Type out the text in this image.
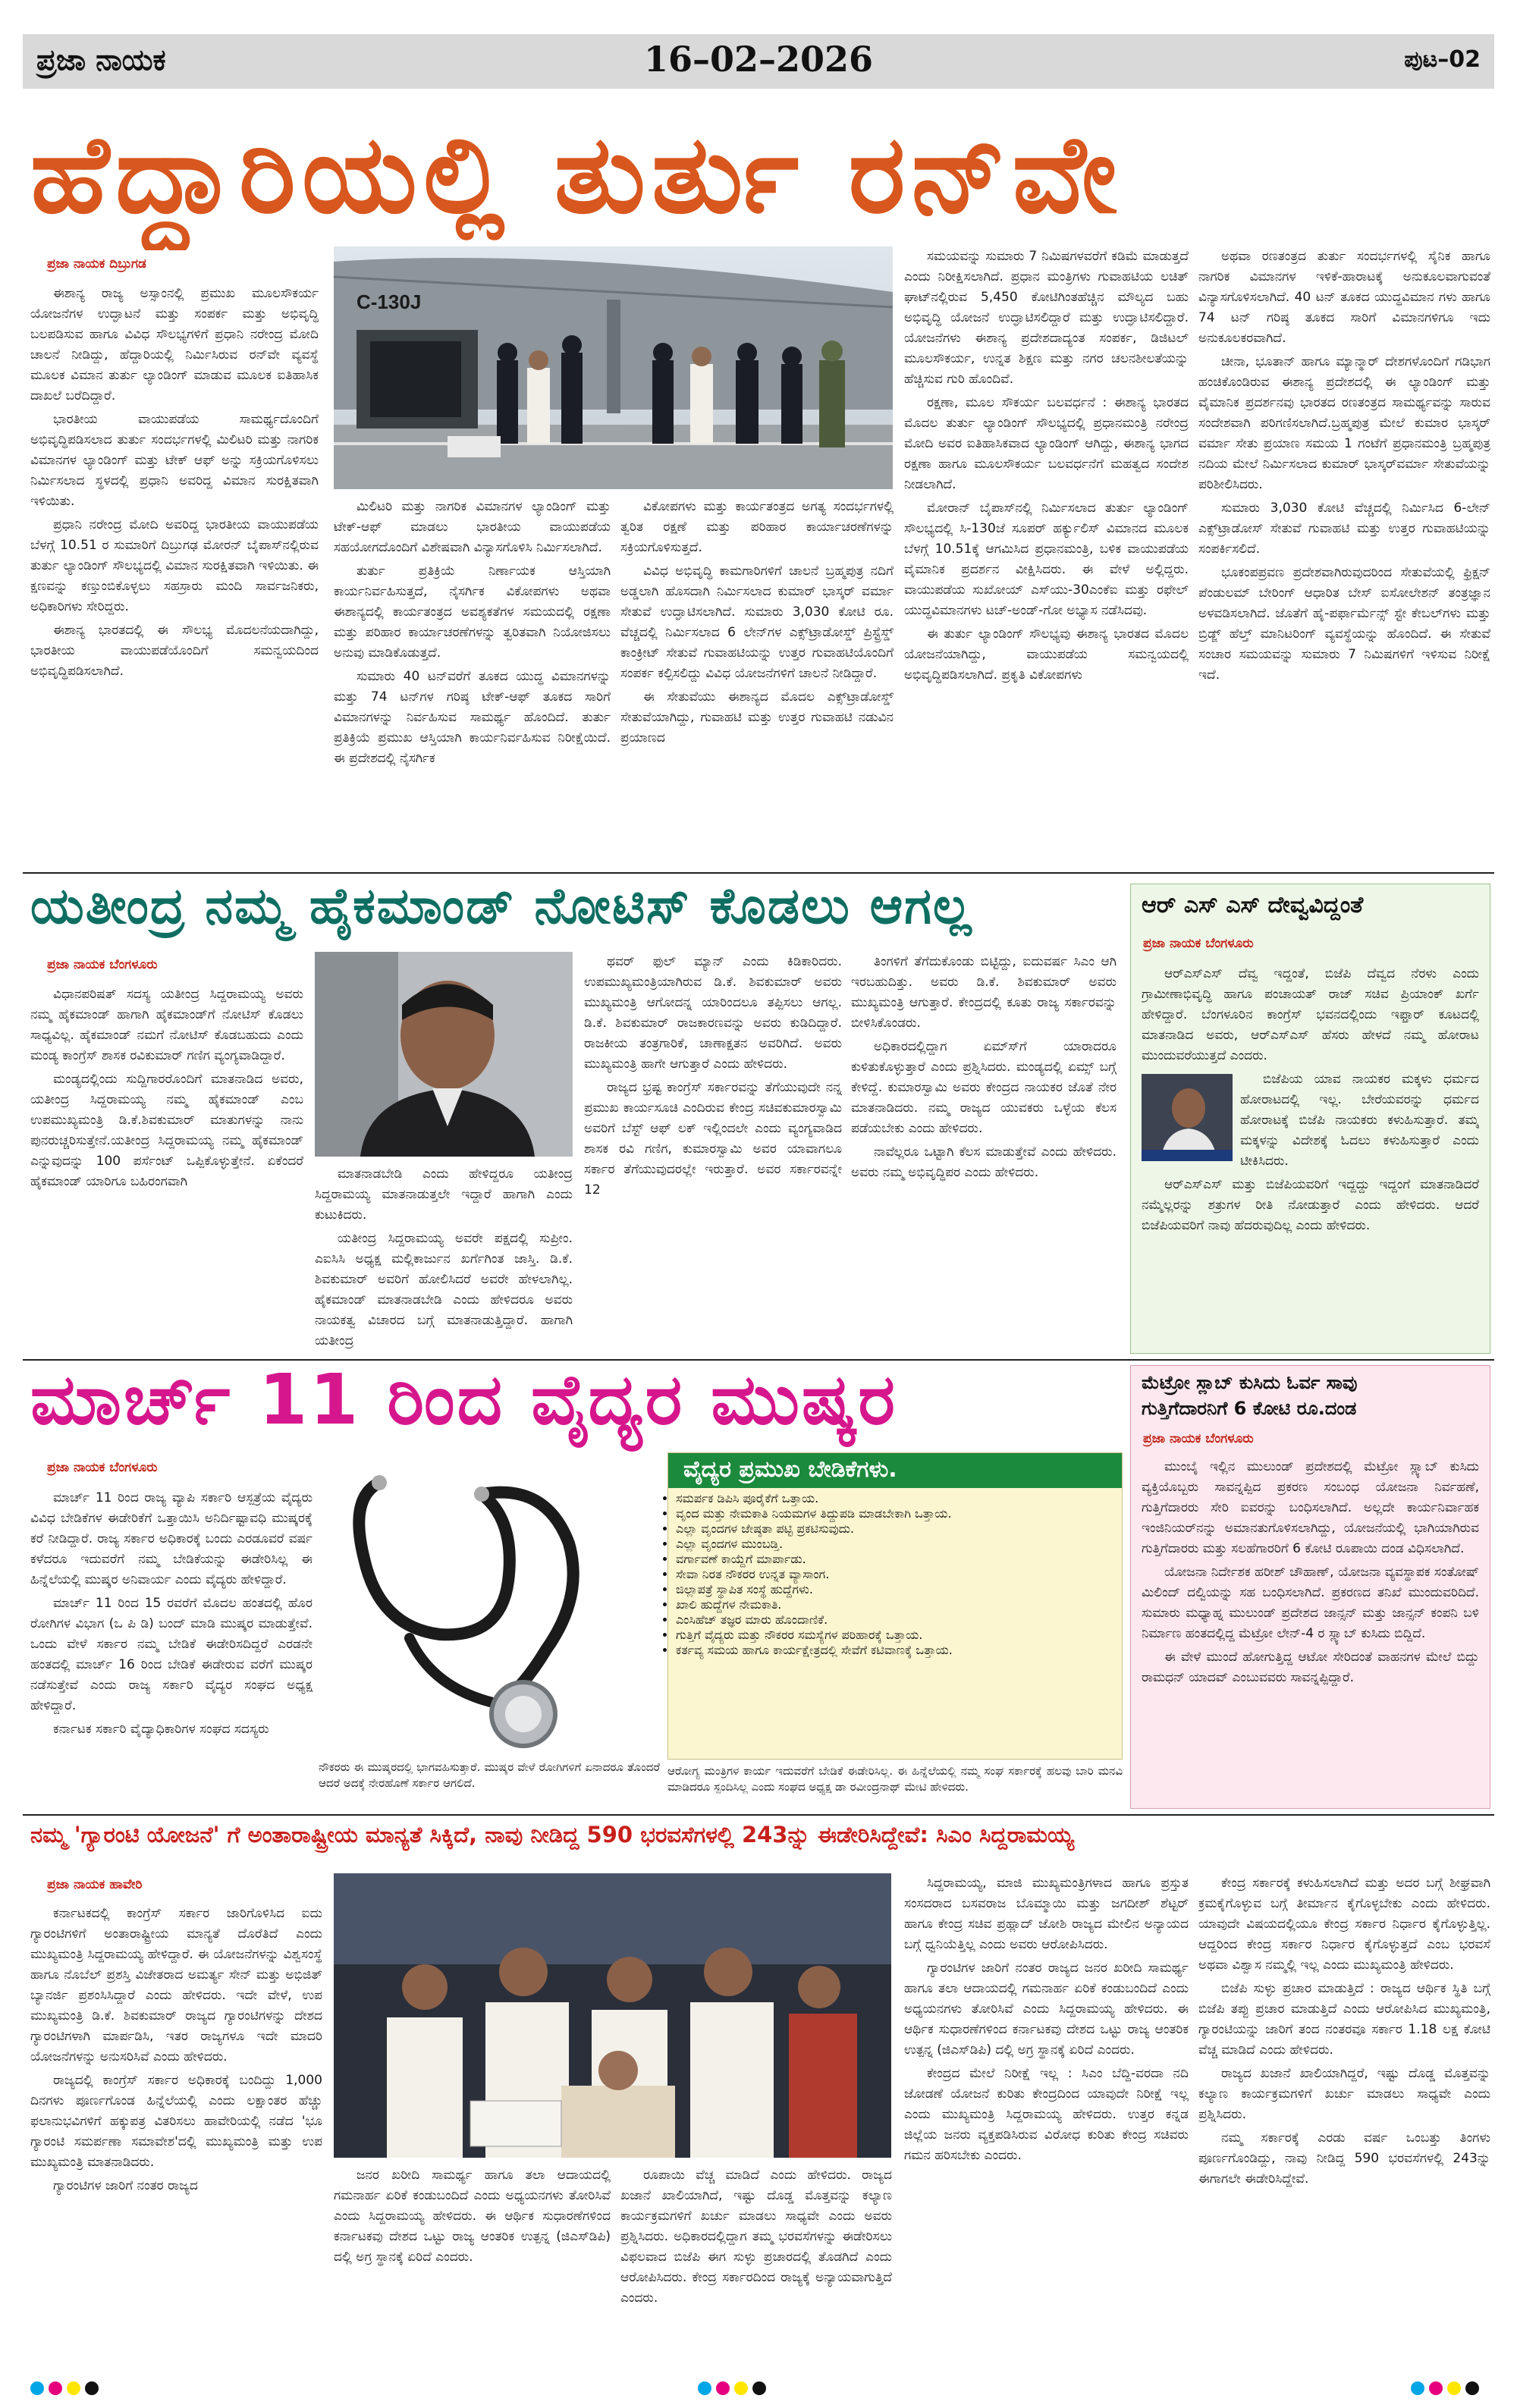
ಪ್ರಜಾ ನಾಯಕ	16–02–2026	ಪುಟ–02
ಹೆದ್ದಾರಿಯಲ್ಲಿ ತುರ್ತು ರನ್‌ವೇ
ಪ್ರಜಾ ನಾಯಕ ದಿಬ್ರುಗಡ

ಈಶಾನ್ಯ ರಾಜ್ಯ ಅಸ್ಸಾಂನಲ್ಲಿ ಪ್ರಮುಖ ಮೂಲಸೌಕರ್ಯ ಯೋಜನೆಗಳ ಉದ್ಘಾಟನೆ ಮತ್ತು ಸಂಪರ್ಕ ಮತ್ತು ಅಭಿವೃದ್ಧಿ ಬಲಪಡಿಸುವ ಹಾಗೂ ವಿವಿಧ ಸೌಲಭ್ಯಗಳಿಗೆ ಪ್ರಧಾನಿ ನರೇಂದ್ರ ಮೋದಿ ಚಾಲನೆ ನೀಡಿದ್ದು, ಹೆದ್ದಾರಿಯಲ್ಲಿ ನಿರ್ಮಿಸಿರುವ ರನ್‌ವೇ ವ್ಯವಸ್ಥೆ ಮೂಲಕ ವಿಮಾನ ತುರ್ತು ಲ್ಯಾಂಡಿಂಗ್ ಮಾಡುವ ಮೂಲಕ ಐತಿಹಾಸಿಕ ದಾಖಲೆ ಬರೆದಿದ್ದಾರೆ.

ಭಾರತೀಯ ವಾಯುಪಡೆಯ ಸಾಮರ್ಥ್ಯದೊಂದಿಗೆ ಅಭಿವೃದ್ಧಿಪಡಿಸಲಾದ ತುರ್ತು ಸಂದರ್ಭಗಳಲ್ಲಿ ಮಿಲಿಟರಿ ಮತ್ತು ನಾಗರಿಕ ವಿಮಾನಗಳ ಲ್ಯಾಂಡಿಂಗ್ ಮತ್ತು ಟೇಕ್ ಆಫ್ ಅನ್ನು ಸಕ್ರಿಯಗೊಳಿಸಲು ನಿರ್ಮಿಸಲಾದ ಸ್ಥಳದಲ್ಲಿ ಪ್ರಧಾನಿ ಅವರಿದ್ದ ವಿಮಾನ ಸುರಕ್ಷಿತವಾಗಿ ಇಳಿಯಿತು.

ಪ್ರಧಾನಿ ನರೇಂದ್ರ ಮೋದಿ ಅವರಿದ್ದ ಭಾರತೀಯ ವಾಯುಪಡೆಯ ಬೆಳಗ್ಗೆ 10.51 ರ ಸುಮಾರಿಗೆ ದಿಬ್ರುಗಢ ಮೋರನ್ ಬೈಪಾಸ್‌ನಲ್ಲಿರುವ ತುರ್ತು ಲ್ಯಾಂಡಿಂಗ್ ಸೌಲಭ್ಯದಲ್ಲಿ ವಿಮಾನ ಸುರಕ್ಷಿತವಾಗಿ ಇಳಿಯಿತು. ಈ ಕ್ಷಣವನ್ನು ಕಣ್ತುಂಬಿಕೊಳ್ಳಲು ಸಹಸ್ರಾರು ಮಂದಿ ಸಾರ್ವಜನಿಕರು, ಅಧಿಕಾರಿಗಳು ಸೇರಿದ್ದರು.

ಈಶಾನ್ಯ ಭಾರತದಲ್ಲಿ ಈ ಸೌಲಭ್ಯ ಮೊದಲನೆಯದಾಗಿದ್ದು, ಭಾರತೀಯ ವಾಯುಪಡೆಯೊಂದಿಗೆ ಸಮನ್ವಯದಿಂದ ಅಭಿವೃದ್ಧಿಪಡಿಸಲಾಗಿದೆ.

C-130J

ಮಿಲಿಟರಿ ಮತ್ತು ನಾಗರಿಕ ವಿಮಾನಗಳ ಲ್ಯಾಂಡಿಂಗ್ ಮತ್ತು ಟೇಕ್-ಆಫ್ ಮಾಡಲು ಭಾರತೀಯ ವಾಯುಪಡೆಯ ಸಹಯೋಗದೊಂದಿಗೆ ವಿಶೇಷವಾಗಿ ವಿನ್ಯಾಸಗೊಳಿಸಿ ನಿರ್ಮಿಸಲಾಗಿದೆ.

ತುರ್ತು ಪ್ರತಿಕ್ರಿಯೆ ನಿರ್ಣಾಯಕ ಆಸ್ತಿಯಾಗಿ ಕಾರ್ಯನಿರ್ವಹಿಸುತ್ತದೆ, ನೈಸರ್ಗಿಕ ವಿಕೋಪಗಳು ಅಥವಾ ಈಶಾನ್ಯದಲ್ಲಿ ಕಾರ್ಯತಂತ್ರದ ಅವಶ್ಯಕತೆಗಳ ಸಮಯದಲ್ಲಿ ರಕ್ಷಣಾ ಮತ್ತು ಪರಿಹಾರ ಕಾರ್ಯಾಚರಣೆಗಳನ್ನು ತ್ವರಿತವಾಗಿ ನಿಯೋಜಿಸಲು ಅನುವು ಮಾಡಿಕೊಡುತ್ತದೆ.

ಸುಮಾರು 40 ಟನ್‌ವರೆಗೆ ತೂಕದ ಯುದ್ಧ ವಿಮಾನಗಳನ್ನು ಮತ್ತು 74 ಟನ್‌ಗಳ ಗರಿಷ್ಠ ಟೇಕ್-ಆಫ್ ತೂಕದ ಸಾರಿಗೆ ವಿಮಾನಗಳನ್ನು ನಿರ್ವಹಿಸುವ ಸಾಮರ್ಥ್ಯ ಹೊಂದಿದೆ. ತುರ್ತು ಪ್ರತಿಕ್ರಿಯೆ ಪ್ರಮುಖ ಆಸ್ತಿಯಾಗಿ ಕಾರ್ಯನಿರ್ವಹಿಸುವ ನಿರೀಕ್ಷೆಯಿದೆ. ಈ ಪ್ರದೇಶದಲ್ಲಿ ನೈಸರ್ಗಿಕ

ವಿಕೋಪಗಳು ಮತ್ತು ಕಾರ್ಯತಂತ್ರದ ಅಗತ್ಯ ಸಂದರ್ಭಗಳಲ್ಲಿ ತ್ವರಿತ ರಕ್ಷಣೆ ಮತ್ತು ಪರಿಹಾರ ಕಾರ್ಯಾಚರಣೆಗಳನ್ನು ಸಕ್ರಿಯಗೊಳಿಸುತ್ತದೆ.

ವಿವಿಧ ಅಭಿವೃದ್ಧಿ ಕಾಮಗಾರಿಗಳಿಗೆ ಚಾಲನೆ ಬ್ರಹ್ಮಪುತ್ರ ನದಿಗೆ ಅಡ್ಡಲಾಗಿ ಹೊಸದಾಗಿ ನಿರ್ಮಿಸಲಾದ ಕುಮಾರ್ ಭಾಸ್ಕರ್ ವರ್ಮಾ ಸೇತುವೆ ಉದ್ಘಾಟಿಸಲಾಗಿದೆ. ಸುಮಾರು 3,030 ಕೋಟಿ ರೂ. ವೆಚ್ಚದಲ್ಲಿ ನಿರ್ಮಿಸಲಾದ 6 ಲೇನ್‌ಗಳ ಎಕ್ಸ್‌ಟ್ರಾಡೋಸ್ಡ್ ಪ್ರಿಸ್ಟ್ರೆಸ್ಡ್ ಕಾಂಕ್ರೀಟ್ ಸೇತುವೆ ಗುವಾಹಟಿಯನ್ನು ಉತ್ತರ ಗುವಾಹಟಿಯೊಂದಿಗೆ ಸಂಪರ್ಕ ಕಲ್ಪಿಸಲಿದ್ದು ವಿವಿಧ ಯೋಜನೆಗಳಿಗೆ ಚಾಲನೆ ನೀಡಿದ್ದಾರೆ.

ಈ ಸೇತುವೆಯು ಈಶಾನ್ಯದ ಮೊದಲ ಎಕ್ಸ್‌ಟ್ರಾಡೋಸ್ಡ್ ಸೇತುವೆಯಾಗಿದ್ದು, ಗುವಾಹಟಿ ಮತ್ತು ಉತ್ತರ ಗುವಾಹಟಿ ನಡುವಿನ ಪ್ರಯಾಣದ

ಸಮಯವನ್ನು ಸುಮಾರು 7 ನಿಮಿಷಗಳವರೆಗೆ ಕಡಿಮೆ ಮಾಡುತ್ತದೆ ಎಂದು ನಿರೀಕ್ಷಿಸಲಾಗಿದೆ. ಪ್ರಧಾನ ಮಂತ್ರಿಗಳು ಗುವಾಹಟಿಯ ಲಚಿತ್ ಘಾಟ್‌ನಲ್ಲಿರುವ 5,450 ಕೋಟಿಗಿಂತಹೆಚ್ಚಿನ ಮೌಲ್ಯದ ಬಹು ಅಭಿವೃದ್ಧಿ ಯೋಜನೆ ಉದ್ಘಾಟಿಸಲಿದ್ದಾರೆ ಮತ್ತು ಉದ್ಘಾಟಿಸಲಿದ್ದಾರೆ. ಯೋಜನೆಗಳು ಈಶಾನ್ಯ ಪ್ರದೇಶದಾದ್ಯಂತ ಸಂಪರ್ಕ, ಡಿಜಿಟಲ್ ಮೂಲಸೌಕರ್ಯ, ಉನ್ನತ ಶಿಕ್ಷಣ ಮತ್ತು ನಗರ ಚಲನಶೀಲತೆಯನ್ನು ಹೆಚ್ಚಿಸುವ ಗುರಿ ಹೊಂದಿವೆ.

ರಕ್ಷಣಾ, ಮೂಲ ಸೌಕರ್ಯ ಬಲವರ್ಧನೆ : ಈಶಾನ್ಯ ಭಾರತದ ಮೊದಲ ತುರ್ತು ಲ್ಯಾಂಡಿಂಗ್ ಸೌಲಭ್ಯದಲ್ಲಿ ಪ್ರಧಾನಮಂತ್ರಿ ನರೇಂದ್ರ ಮೋದಿ ಅವರ ಐತಿಹಾಸಿಕವಾದ ಲ್ಯಾಂಡಿಂಗ್ ಆಗಿದ್ದು, ಈಶಾನ್ಯ ಭಾಗದ ರಕ್ಷಣಾ ಹಾಗೂ ಮೂಲಸೌಕರ್ಯ ಬಲವರ್ಧನೆಗೆ ಮಹತ್ವದ ಸಂದೇಶ ನೀಡಲಾಗಿದೆ.

ಮೋರಾನ್ ಬೈಪಾಸ್‌ನಲ್ಲಿ ನಿರ್ಮಿಸಲಾದ ತುರ್ತು ಲ್ಯಾಂಡಿಂಗ್ ಸೌಲಭ್ಯದಲ್ಲಿ ಸಿ-130ಜೆ ಸೂಪರ್ ಹರ್ಕ್ಯುಲಿಸ್ ವಿಮಾನದ ಮೂಲಕ ಬೆಳಗ್ಗೆ 10.51ಕ್ಕೆ ಆಗಮಿಸಿದ ಪ್ರಧಾನಮಂತ್ರಿ, ಬಳಿಕ ವಾಯುಪಡೆಯ ವೈಮಾನಿಕ ಪ್ರದರ್ಶನ ವೀಕ್ಷಿಸಿದರು. ಈ ವೇಳೆ ಅಲ್ಲಿದ್ದರು. ವಾಯುಪಡೆಯ ಸುಖೋಯ್ ಎಸ್‌ಯು-30ಎಂಕೆಐ ಮತ್ತು ರಫೇಲ್ ಯುದ್ಧವಿಮಾನಗಳು ಟಚ್-ಅಂಡ್-ಗೋ ಅಭ್ಯಾಸ ನಡೆಸಿದವು.

ಈ ತುರ್ತು ಲ್ಯಾಂಡಿಂಗ್ ಸೌಲಭ್ಯವು ಈಶಾನ್ಯ ಭಾರತದ ಮೊದಲ ಯೋಜನೆಯಾಗಿದ್ದು, ವಾಯುಪಡೆಯ ಸಮನ್ವಯದಲ್ಲಿ ಅಭಿವೃದ್ಧಿಪಡಿಸಲಾಗಿದೆ. ಪ್ರಕೃತಿ ವಿಕೋಪಗಳು

ಅಥವಾ ರಣತಂತ್ರದ ತುರ್ತು ಸಂದರ್ಭಗಳಲ್ಲಿ ಸೈನಿಕ ಹಾಗೂ ನಾಗರಿಕ ವಿಮಾನಗಳ ಇಳಿಕೆ-ಹಾರಾಟಕ್ಕೆ ಅನುಕೂಲವಾಗುವಂತೆ ವಿನ್ಯಾಸಗೊಳಿಸಲಾಗಿದೆ. 40 ಟನ್ ತೂಕದ ಯುದ್ಧವಿಮಾನ ಗಳು ಹಾಗೂ 74 ಟನ್ ಗರಿಷ್ಠ ತೂಕದ ಸಾರಿಗೆ ವಿಮಾನಗಳಿಗೂ ಇದು ಅನುಕೂಲಕರವಾಗಿದೆ.

ಚೀನಾ, ಭೂತಾನ್ ಹಾಗೂ ಮ್ಯಾನ್ಮಾರ್ ದೇಶಗಳೊಂದಿಗೆ ಗಡಿಭಾಗ ಹಂಚಿಕೊಂಡಿರುವ ಈಶಾನ್ಯ ಪ್ರದೇಶದಲ್ಲಿ ಈ ಲ್ಯಾಂಡಿಂಗ್ ಮತ್ತು ವೈಮಾನಿಕ ಪ್ರದರ್ಶನವು ಭಾರತದ ರಣತಂತ್ರದ ಸಾಮರ್ಥ್ಯವನ್ನು ಸಾರುವ ಸಂದೇಶವಾಗಿ ಪರಿಗಣಿಸಲಾಗಿದೆ.ಬ್ರಹ್ಮಪುತ್ರ ಮೇಲೆ ಕುಮಾರ ಭಾಸ್ಕರ್ ವರ್ಮಾ ಸೇತು ಪ್ರಯಾಣ ಸಮಯ 1 ಗಂಟೆಗೆ ಪ್ರಧಾನಮಂತ್ರಿ ಬ್ರಹ್ಮಪುತ್ರ ನದಿಯ ಮೇಲೆ ನಿರ್ಮಿಸಲಾದ ಕುಮಾರ್ ಭಾಸ್ಕರ್‌ವರ್ಮಾ ಸೇತುವೆಯನ್ನು ಪರಿಶೀಲಿಸಿದರು.

ಸುಮಾರು 3,030 ಕೋಟಿ ವೆಚ್ಚದಲ್ಲಿ ನಿರ್ಮಿಸಿದ 6-ಲೇನ್ ಎಕ್ಸ್‌ಟ್ರಾಡೋಸ್ ಸೇತುವೆ ಗುವಾಹಟಿ ಮತ್ತು ಉತ್ತರ ಗುವಾಹಟಿಯನ್ನು ಸಂಪರ್ಕಿಸಲಿದೆ.

ಭೂಕಂಪಪ್ರವಣ ಪ್ರದೇಶವಾಗಿರುವುದರಿಂದ ಸೇತುವೆಯಲ್ಲಿ ಫ್ರಿಕ್ಷನ್ ಪೆಂಡುಲಮ್ ಬೇರಿಂಗ್ ಆಧಾರಿತ ಬೇಸ್ ಐಸೋಲೇಶನ್ ತಂತ್ರಜ್ಞಾನ ಅಳವಡಿಸಲಾಗಿದೆ. ಜೊತೆಗೆ ಹೈ-ಪರ್ಫಾರ್ಮೆನ್ಸ್ ಸ್ಟೇ ಕೇಬಲ್‌ಗಳು ಮತ್ತು ಬ್ರಿಡ್ಜ್ ಹೆಲ್ತ್ ಮಾನಿಟರಿಂಗ್ ವ್ಯವಸ್ಥೆಯನ್ನು ಹೊಂದಿದೆ. ಈ ಸೇತುವೆ ಸಂಚಾರ ಸಮಯವನ್ನು ಸುಮಾರು 7 ನಿಮಿಷಗಳಿಗೆ ಇಳಿಸುವ ನಿರೀಕ್ಷೆ ಇದೆ.

ಯತೀಂದ್ರ ನಮ್ಮ ಹೈಕಮಾಂಡ್ ನೋಟಿಸ್ ಕೊಡಲು ಆಗಲ್ಲ
ಪ್ರಜಾ ನಾಯಕ ಬೆಂಗಳೂರು

ವಿಧಾನಪರಿಷತ್ ಸದಸ್ಯ ಯತೀಂದ್ರ ಸಿದ್ದರಾಮಯ್ಯ ಅವರು ನಮ್ಮ ಹೈಕಮಾಂಡ್ ಹಾಗಾಗಿ ಹೈಕಮಾಂಡ್‌ಗೆ ನೋಟಿಸ್ ಕೊಡಲು ಸಾಧ್ಯವಿಲ್ಲ. ಹೈಕಮಾಂಡ್ ನಮಗೆ ನೋಟಿಸ್ ಕೊಡಬಹುದು ಎಂದು ಮಂಡ್ಯ ಕಾಂಗ್ರೆಸ್ ಶಾಸಕ ರವಿಕುಮಾರ್ ಗಣಿಗ ವ್ಯಂಗ್ಯವಾಡಿದ್ದಾರೆ.

ಮಂಡ್ಯದಲ್ಲಿಂದು ಸುದ್ದಿಗಾರರೊಂದಿಗೆ ಮಾತನಾಡಿದ ಅವರು, ಯತೀಂದ್ರ ಸಿದ್ದರಾಮಯ್ಯ ನಮ್ಮ ಹೈಕಮಾಂಡ್ ಎಂಬ ಉಪಮುಖ್ಯಮಂತ್ರಿ ಡಿ.ಕೆ.ಶಿವಕುಮಾರ್ ಮಾತುಗಳನ್ನು ನಾನು ಪುನರುಚ್ಚರಿಸುತ್ತೇನೆ.ಯತೀಂದ್ರ ಸಿದ್ದರಾಮಯ್ಯ ನಮ್ಮ ಹೈಕಮಾಂಡ್ ಎನ್ನುವುದನ್ನು 100 ಪರ್ಸೆಂಟ್ ಒಪ್ಪಿಕೊಳ್ಳುತ್ತೇನೆ. ಏಕೆಂದರೆ ಹೈಕಮಾಂಡ್ ಯಾರಿಗೂ ಬಹಿರಂಗವಾಗಿ	ಮಾತನಾಡಬೇಡಿ ಎಂದು ಹೇಳಿದ್ದರೂ ಯತೀಂದ್ರ ಸಿದ್ದರಾಮಯ್ಯ ಮಾತನಾಡುತ್ತಲೇ ಇದ್ದಾರೆ ಹಾಗಾಗಿ ಎಂದು ಕುಟುಕಿದರು.

ಯತೀಂದ್ರ ಸಿದ್ದರಾಮಯ್ಯ ಅವರೇ ಪಕ್ಷದಲ್ಲಿ ಸುಪ್ರೀಂ. ಎಐಸಿಸಿ ಅಧ್ಯಕ್ಷ ಮಲ್ಲಿಕಾರ್ಜುನ ಖರ್ಗೆಗಿಂತ ಜಾಸ್ತಿ. ಡಿ.ಕೆ. ಶಿವಕುಮಾರ್ ಅವರಿಗೆ ಹೋಲಿಸಿದರೆ ಅವರೇ ಹೇಳಲಾಗಿಲ್ಲ. ಹೈಕಮಾಂಡ್ ಮಾತನಾಡಬೇಡಿ ಎಂದು ಹೇಳಿದರೂ ಅವರು ನಾಯಕತ್ವ ವಿಚಾರದ ಬಗ್ಗೆ ಮಾತನಾಡುತ್ತಿದ್ದಾರೆ. ಹಾಗಾಗಿ ಯತೀಂದ್ರ

ಥವರ್ ಫುಲ್ ಮ್ಯಾನ್ ಎಂದು ಕಿಡಿಕಾರಿದರು. ಉಪಮುಖ್ಯಮಂತ್ರಿಯಾಗಿರುವ ಡಿ.ಕೆ. ಶಿವಕುಮಾರ್ ಅವರು ಮುಖ್ಯಮಂತ್ರಿ ಆಗೋದನ್ನ ಯಾರಿಂದಲೂ ತಪ್ಪಿಸಲು ಆಗಲ್ಲ. ಡಿ.ಕೆ. ಶಿವಕುಮಾರ್ ರಾಜಕಾರಣವನ್ನು ಅವರು ಕುಡಿದಿದ್ದಾರೆ. ರಾಜಕೀಯ ತಂತ್ರಗಾರಿಕೆ, ಚಾಣಾಕ್ಷತನ ಅವರಿಗಿದೆ. ಅವರು ಮುಖ್ಯಮಂತ್ರಿ ಹಾಗೇ ಆಗುತ್ತಾರೆ ಎಂದು ಹೇಳಿದರು.

ರಾಜ್ಯದ ಭ್ರಷ್ಟ ಕಾಂಗ್ರೆಸ್ ಸರ್ಕಾರವನ್ನು ತೆಗೆಯುವುದೇ ನನ್ನ ಪ್ರಮುಖ ಕಾರ್ಯಸೂಚಿ ಎಂದಿರುವ ಕೇಂದ್ರ ಸಚಿವಕುಮಾರಸ್ವಾಮಿ ಅವರಿಗೆ ಬೆಸ್ಟ್ ಆಫ್ ಲಕ್ ಇಲ್ಲಿಂದಲೇ ಎಂದು ವ್ಯಂಗ್ಯವಾಡಿದ ಶಾಸಕ ರವಿ ಗಣಿಗ, ಕುಮಾರಸ್ವಾಮಿ ಅವರ ಯಾವಾಗಲೂ ಸರ್ಕಾರ ತೆಗೆಯುವುದರಲ್ಲೇ ಇರುತ್ತಾರೆ. ಅವರ ಸರ್ಕಾರವನ್ನೇ 12

ತಿಂಗಳಿಗೆ ತೆಗೆದುಕೊಂಡು ಬಿಟ್ಟಿದ್ದು, ಐದುವರ್ಷ ಸಿಎಂ ಆಗಿ ಇರಬಹುದಿತ್ತು. ಅವರು ಡಿ.ಕೆ. ಶಿವಕುಮಾರ್ ಅವರು ಮುಖ್ಯಮಂತ್ರಿ ಆಗುತ್ತಾರೆ. ಕೇಂದ್ರದಲ್ಲಿ ಕೂತು ರಾಜ್ಯ ಸರ್ಕಾರವನ್ನು ಬೀಳಿಸಿಕೊಂಡರು.

ಅಧಿಕಾರದಲ್ಲಿದ್ದಾಗ ಏಮ್‌ಸ್‌ಗೆ ಯಾರಾದರೂ ಕುಳಿತುಕೊಳ್ಳುತ್ತಾರೆ ಎಂದು ಪ್ರಶ್ನಿಸಿದರು. ಮಂಡ್ಯದಲ್ಲಿ ಏಮ್ಸ್ ಬಗ್ಗೆ ಕೇಳಿದ್ದೆ. ಕುಮಾರಸ್ವಾಮಿ ಅವರು ಕೇಂದ್ರದ ನಾಯಕರ ಜೊತೆ ನೇರ ಮಾತನಾಡಿದರು. ನಮ್ಮ ರಾಜ್ಯದ ಯುವಕರು ಒಳ್ಳೆಯ ಕೆಲಸ ಪಡೆಯಬೇಕು ಎಂದು ಹೇಳಿದರು.

ನಾವೆಲ್ಲರೂ ಒಟ್ಟಾಗಿ ಕೆಲಸ ಮಾಡುತ್ತೇವೆ ಎಂದು ಹೇಳಿದರು. ಅವರು ನಮ್ಮ ಅಭಿವೃದ್ಧಿಪರ ಎಂದು ಹೇಳಿದರು.

ಆರ್ ಎಸ್ ಎಸ್ ದೇವ್ವವಿದ್ದಂತೆ
ಪ್ರಜಾ ನಾಯಕ ಬೆಂಗಳೂರು

ಆರ್‌ಎಸ್‌ಎಸ್ ದೆವ್ವ ಇದ್ದಂತೆ, ಬಿಜೆಪಿ ದೆವ್ವದ ನೆರಳು ಎಂದು ಗ್ರಾಮೀಣಾಭಿವೃದ್ಧಿ ಹಾಗೂ ಪಂಚಾಯತ್ ರಾಜ್ ಸಚಿವ ಪ್ರಿಯಾಂಕ್ ಖರ್ಗೆ ಹೇಳಿದ್ದಾರೆ. ಬೆಂಗಳೂರಿನ ಕಾಂಗ್ರೆಸ್ ಭವನದಲ್ಲಿಂದು ಇಫ್ತಾರ್ ಕೂಟದಲ್ಲಿ ಮಾತನಾಡಿದ ಅವರು, ಆರ್‌ಎಸ್‌ಎಸ್ ಹೆಸರು ಹೇಳದೆ ನಮ್ಮ ಹೋರಾಟ ಮುಂದುವರೆಯುತ್ತದೆ ಎಂದರು.

ಬಿಜೆಪಿಯ ಯಾವ ನಾಯಕರ ಮಕ್ಕಳು ಧರ್ಮದ ಹೋರಾಟದಲ್ಲಿ ಇಲ್ಲ. ಬೇರೆಯವರನ್ನು ಧರ್ಮದ ಹೋರಾಟಕ್ಕೆ ಬಿಜೆಪಿ ನಾಯಕರು ಕಳುಹಿಸುತ್ತಾರೆ. ತಮ್ಮ ಮಕ್ಕಳನ್ನು ವಿದೇಶಕ್ಕೆ ಓದಲು ಕಳುಹಿಸುತ್ತಾರೆ ಎಂದು ಟೀಕಿಸಿದರು.

ಆರ್‌ಎಸ್‌ಎಸ್ ಮತ್ತು ಬಿಜೆಪಿಯವರಿಗೆ ಇದ್ದದ್ದು ಇದ್ದಂಗೆ ಮಾತನಾಡಿದರೆ ನಮ್ಮೆಲ್ಲರನ್ನು ಶತ್ರುಗಳ ರೀತಿ ನೋಡುತ್ತಾರೆ ಎಂದು ಹೇಳಿದರು. ಆದರೆ ಬಿಜೆಪಿಯವರಿಗೆ ನಾವು ಹೆದರುವುದಿಲ್ಲ ಎಂದು ಹೇಳಿದರು.

ಮಾರ್ಚ್ 11 ರಿಂದ ವೈದ್ಯರ ಮುಷ್ಕರ
ಪ್ರಜಾ ನಾಯಕ ಬೆಂಗಳೂರು

ಮಾರ್ಚ್ 11 ರಿಂದ ರಾಜ್ಯ ವ್ಯಾಪಿ ಸರ್ಕಾರಿ ಆಸ್ಪತ್ರೆಯ ವೈದ್ಯರು ವಿವಿಧ ಬೇಡಿಕೆಗಳ ಈಡೇರಿಕೆಗೆ ಒತ್ತಾಯಿಸಿ ಅನಿರ್ದಿಷ್ಟಾವಧಿ ಮುಷ್ಕರಕ್ಕೆ ಕರೆ ನೀಡಿದ್ದಾರೆ. ರಾಜ್ಯ ಸರ್ಕಾರ ಅಧಿಕಾರಕ್ಕೆ ಬಂದು ಎರಡೂವರೆ ವರ್ಷ ಕಳೆದರೂ ಇದುವರೆಗೆ ನಮ್ಮ ಬೇಡಿಕೆಯನ್ನು ಈಡೇರಿಸಿಲ್ಲ ಈ ಹಿನ್ನೆಲೆಯಲ್ಲಿ ಮುಷ್ಕರ ಅನಿವಾರ್ಯ ಎಂದು ವೈದ್ಯರು ಹೇಳಿದ್ದಾರೆ.

ಮಾರ್ಚ್ 11 ರಿಂದ 15 ರವರೆಗೆ ಮೊದಲ ಹಂತದಲ್ಲಿ ಹೊರ ರೋಗಿಗಳ ವಿಭಾಗ (ಒ ಪಿ ಡಿ) ಬಂದ್ ಮಾಡಿ ಮುಷ್ಕರ ಮಾಡುತ್ತೇವೆ. ಒಂದು ವೇಳೆ ಸರ್ಕಾರ ನಮ್ಮ ಬೇಡಿಕೆ ಈಡೇರಿಸದಿದ್ದರೆ ಎರಡನೇ ಹಂತದಲ್ಲಿ ಮಾರ್ಚ್ 16 ರಿಂದ ಬೇಡಿಕೆ ಈಡೇರುವ ವರೆಗೆ ಮುಷ್ಕರ ನಡೆಸುತ್ತೇವೆ ಎಂದು ರಾಜ್ಯ ಸರ್ಕಾರಿ ವೈದ್ಯರ ಸಂಘದ ಅಧ್ಯಕ್ಷ ಹೇಳಿದ್ದಾರೆ.

ಕರ್ನಾಟಕ ಸರ್ಕಾರಿ ವೈದ್ಯಾಧಿಕಾರಿಗಳ ಸಂಘದ ಸದಸ್ಯರು

ನೌಕರರು ಈ ಮುಷ್ಕರದಲ್ಲಿ ಭಾಗವಹಿಸುತ್ತಾರೆ. ಮುಷ್ಕರ ವೇಳೆ ರೋಗಿಗಳಿಗೆ ಏನಾದರೂ ತೊಂದರೆ ಆದರೆ ಅದಕ್ಕೆ ನೇರಹೊಣೆ ಸರ್ಕಾರ ಆಗಲಿದೆ.

ವೈದ್ಯರ ಪ್ರಮುಖ ಬೇಡಿಕೆಗಳು.
• ಸಮರ್ಪಕ ಡಿಪಿಸಿ ಪೂರೈಕೆಗೆ ಒತ್ತಾಯ.
• ವೃಂದ ಮತ್ತು ನೇಮಕಾತಿ ನಿಯಮಗಳ ತಿದ್ದುಪಡಿ ಮಾಡಬೇಕಾಗಿ ಒತ್ತಾಯ.
• ಎಲ್ಲಾ ವೃಂದಗಳ ಜೇಷ್ಠತಾ ಪಟ್ಟಿ ಪ್ರಕಟಿಸುವುದು.
• ಎಲ್ಲಾ ವೃಂದಗಳ ಮುಂಬಡ್ತಿ.
• ವರ್ಗಾವಣೆ ಕಾಯ್ದೆಗೆ ಮಾರ್ಪಾಡು.
• ಸೇವಾ ನಿರತ ನೌಕರರ ಉನ್ನತ ವ್ಯಾಸಾಂಗ.
• ಜಿಲ್ಲಾಪತ್ರೆ ಸ್ಥಾಪಿತ ಸಂಸ್ಥೆ ಹುದ್ದೆಗಳು.
• ಖಾಲಿ ಹುದ್ದೆಗಳ ನೇಮಕಾತಿ.
• ಎಂಸಿಹೆಚ್ ತಜ್ಞರ ಮಾರು ಹೊಂದಾಣಿಕೆ.
• ಗುತ್ತಿಗೆ ವೈದ್ಯರು ಮತ್ತು ನೌಕರರ ಸಮಸ್ಯೆಗಳ ಪರಿಹಾರಕ್ಕೆ ಒತ್ತಾಯ.
• ಕರ್ತವ್ಯ ಸಮಯ ಹಾಗೂ ಕಾರ್ಯಕ್ಷೇತ್ರದಲ್ಲಿ ಸೇವೆಗೆ ಕಟಿವಾಣಕ್ಕೆ ಒತ್ತಾಯ.

ಆರೋಗ್ಯ ಮಂತ್ರಿಗಳ ಕಾರ್ಯ ಇದುವರೆಗೆ ಬೇಡಿಕೆ ಈಡೇರಿಸಿಲ್ಲ. ಈ ಹಿನ್ನೆಲೆಯಲ್ಲಿ ನಮ್ಮ ಸಂಘ ಸರ್ಕಾರಕ್ಕೆ ಹಲವು ಬಾರಿ ಮನವಿ ಮಾಡಿದರೂ ಸ್ಪಂದಿಸಿಲ್ಲ ಎಂದು ಸಂಘದ ಅಧ್ಯಕ್ಷ ಡಾ ರವೀಂದ್ರನಾಥ್ ಮೇಟಿ ಹೇಳಿದರು.

ಮೆಟ್ರೋ ಸ್ಲಾಬ್ ಕುಸಿದು ಓರ್ವ ಸಾವು
ಗುತ್ತಿಗೆದಾರನಿಗೆ 6 ಕೋಟಿ ರೂ.ದಂಡ
ಪ್ರಜಾ ನಾಯಕ ಬೆಂಗಳೂರು

ಮುಂಬೈ ಇಲ್ಲಿನ ಮುಲುಂಡ್ ಪ್ರದೇಶದಲ್ಲಿ ಮೆಟ್ರೋ ಸ್ಲ್ಯಾಬ್ ಕುಸಿದು ವ್ಯಕ್ತಿಯೊಬ್ಬರು ಸಾವನ್ನಪ್ಪಿದ ಪ್ರಕರಣ ಸಂಬಂಧ ಯೋಜನಾ ನಿರ್ವಹಣೆ, ಗುತ್ತಿಗೆದಾರರು ಸೇರಿ ಐವರನ್ನು ಬಂಧಿಸಲಾಗಿದೆ. ಅಲ್ಲದೇ ಕಾರ್ಯನಿರ್ವಾಹಕ ಇಂಜಿನಿಯರ್‌ನನ್ನು ಅಮಾನತುಗೊಳಿಸಲಾಗಿದ್ದು, ಯೋಜನೆಯಲ್ಲಿ ಭಾಗಿಯಾಗಿರುವ ಗುತ್ತಿಗೆದಾರರು ಮತ್ತು ಸಲಹೆಗಾರರಿಗೆ 6 ಕೋಟಿ ರೂಪಾಯಿ ದಂಡ ವಿಧಿಸಲಾಗಿದೆ.

ಯೋಜನಾ ನಿರ್ದೇಶಕ ಹರೀಶ್ ಚೌಹಾಣ್, ಯೋಜನಾ ವ್ಯವಸ್ಥಾಪಕ ಸಂತೋಷ್ ಮಿಲಿಂದ್ ದಲ್ವಿಯನ್ನು ಸಹ ಬಂಧಿಸಲಾಗಿದೆ. ಪ್ರಕರಣದ ತನಿಖೆ ಮುಂದುವರಿದಿದೆ. ಸುಮಾರು ಮಧ್ಯಾಹ್ನ ಮುಲುಂಡ್ ಪ್ರದೇಶದ ಜಾನ್ಸನ್ ಮತ್ತು ಜಾನ್ಸನ್ ಕಂಪನಿ ಬಳಿ ನಿರ್ಮಾಣ ಹಂತದಲ್ಲಿದ್ದ ಮೆಟ್ರೋ ಲೇನ್-4 ರ ಸ್ಲ್ಯಾಬ್ ಕುಸಿದು ಬಿದ್ದಿದೆ.

ಈ ವೇಳೆ ಮುಂದೆ ಹೋಗುತ್ತಿದ್ದ ಆಟೋ ಸೇರಿದಂತೆ ವಾಹನಗಳ ಮೇಲೆ ಬಿದ್ದು ರಾಮಧನ್ ಯಾದವ್ ಎಂಬುವವರು ಸಾವನ್ನಪ್ಪಿದ್ದಾರೆ.

ನಮ್ಮ 'ಗ್ಯಾರಂಟಿ ಯೋಜನೆ' ಗೆ ಅಂತಾರಾಷ್ಟ್ರೀಯ ಮಾನ್ಯತೆ ಸಿಕ್ಕಿದೆ, ನಾವು ನೀಡಿದ್ದ 590 ಭರವಸೆಗಳಲ್ಲಿ 243ನ್ನು ಈಡೇರಿಸಿದ್ದೇವೆ: ಸಿಎಂ ಸಿದ್ದರಾಮಯ್ಯ
ಪ್ರಜಾ ನಾಯಕ ಹಾವೇರಿ

ಕರ್ನಾಟಕದಲ್ಲಿ ಕಾಂಗ್ರೆಸ್ ಸರ್ಕಾರ ಜಾರಿಗೊಳಿಸಿದ ಐದು ಗ್ಯಾರಂಟಿಗಳಿಗೆ ಅಂತಾರಾಷ್ಟ್ರೀಯ ಮಾನ್ಯತೆ ದೊರೆತಿದೆ ಎಂದು ಮುಖ್ಯಮಂತ್ರಿ ಸಿದ್ದರಾಮಯ್ಯ ಹೇಳಿದ್ದಾರೆ. ಈ ಯೋಜನೆಗಳನ್ನು ವಿಶ್ವಸಂಸ್ಥೆ ಹಾಗೂ ನೊಬೆಲ್ ಪ್ರಶಸ್ತಿ ವಿಜೇತರಾದ ಅಮರ್ತ್ಯ ಸೇನ್ ಮತ್ತು ಅಭಿಜಿತ್ ಬ್ಯಾನರ್ಜಿ ಪ್ರಶಂಸಿಸಿದ್ದಾರೆ ಎಂದು ಹೇಳಿದರು. ಇದೇ ವೇಳೆ, ಉಪ ಮುಖ್ಯಮಂತ್ರಿ ಡಿ.ಕೆ. ಶಿವಕುಮಾರ್ ರಾಜ್ಯದ ಗ್ಯಾರಂಟಿಗಳನ್ನು ದೇಶದ ಗ್ಯಾರಂಟಿಗಳಾಗಿ ಮಾರ್ಪಡಿಸಿ, ಇತರ ರಾಜ್ಯಗಳೂ ಇದೇ ಮಾದರಿ ಯೋಜನೆಗಳನ್ನು ಅನುಸರಿಸಿವೆ ಎಂದು ಹೇಳಿದರು.

ರಾಜ್ಯದಲ್ಲಿ ಕಾಂಗ್ರೆಸ್ ಸರ್ಕಾರ ಅಧಿಕಾರಕ್ಕೆ ಬಂದಿದ್ದು 1,000 ದಿನಗಳು ಪೂರ್ಣಗೊಂಡ ಹಿನ್ನೆಲೆಯಲ್ಲಿ ಎಂದು ಲಕ್ಷಾಂತರ ಹೆಚ್ಚು ಫಲಾನುಭವಿಗಳಿಗೆ ಹಕ್ಕುಪತ್ರ ವಿತರಿಸಲು ಹಾವೇರಿಯಲ್ಲಿ ನಡೆದ 'ಭೂ ಗ್ಯಾರಂಟಿ ಸಮರ್ಪಣಾ ಸಮಾವೇಶ'ದಲ್ಲಿ ಮುಖ್ಯಮಂತ್ರಿ ಮತ್ತು ಉಪ ಮುಖ್ಯಮಂತ್ರಿ ಮಾತನಾಡಿದರು.

ಗ್ಯಾರಂಟಿಗಳ ಜಾರಿಗೆ ನಂತರ ರಾಜ್ಯದ

ಜನರ ಖರೀದಿ ಸಾಮರ್ಥ್ಯ ಹಾಗೂ ತಲಾ ಆದಾಯದಲ್ಲಿ ಗಮನಾರ್ಹ ಏರಿಕೆ ಕಂಡುಬಂದಿದೆ ಎಂದು ಅಧ್ಯಯನಗಳು ತೋರಿಸಿವೆ ಎಂದು ಸಿದ್ದರಾಮಯ್ಯ ಹೇಳಿದರು. ಈ ಆರ್ಥಿಕ ಸುಧಾರಣೆಗಳಿಂದ ಕರ್ನಾಟಕವು ದೇಶದ ಒಟ್ಟು ರಾಜ್ಯ ಆಂತರಿಕ ಉತ್ಪನ್ನ (ಜಿಎಸ್‌ಡಿಪಿ) ದಲ್ಲಿ ಅಗ್ರ ಸ್ಥಾನಕ್ಕೆ ಏರಿದೆ ಎಂದರು.

ರೂಪಾಯಿ ವೆಚ್ಚ ಮಾಡಿದೆ ಎಂದು ಹೇಳಿದರು. ರಾಜ್ಯದ ಖಜಾನೆ ಖಾಲಿಯಾಗಿದೆ, ಇಷ್ಟು ದೊಡ್ಡ ಮೊತ್ತವನ್ನು ಕಲ್ಯಾಣ ಕಾರ್ಯಕ್ರಮಗಳಿಗೆ ಖರ್ಚು ಮಾಡಲು ಸಾಧ್ಯವೇ ಎಂದು ಅವರು ಪ್ರಶ್ನಿಸಿದರು. ಅಧಿಕಾರದಲ್ಲಿದ್ದಾಗ ತಮ್ಮ ಭರವಸೆಗಳನ್ನು ಈಡೇರಿಸಲು ವಿಫಲವಾದ ಬಿಜೆಪಿ ಈಗ ಸುಳ್ಳು ಪ್ರಚಾರದಲ್ಲಿ ತೊಡಗಿದೆ ಎಂದು ಆರೋಪಿಸಿದರು. ಕೇಂದ್ರ ಸರ್ಕಾರದಿಂದ ರಾಜ್ಯಕ್ಕೆ ಅನ್ಯಾಯವಾಗುತ್ತಿದೆ ಎಂದರು.

ಸಿದ್ದರಾಮಯ್ಯ, ಮಾಜಿ ಮುಖ್ಯಮಂತ್ರಿಗಳಾದ ಹಾಗೂ ಪ್ರಸ್ತುತ ಸಂಸದರಾದ ಬಸವರಾಜ ಬೊಮ್ಮಾಯಿ ಮತ್ತು ಜಗದೀಶ್ ಶೆಟ್ಟರ್ ಹಾಗೂ ಕೇಂದ್ರ ಸಚಿವ ಪ್ರಹ್ಲಾದ್ ಜೋಶಿ ರಾಜ್ಯದ ಮೇಲಿನ ಅನ್ಯಾಯದ ಬಗ್ಗೆ ಧ್ವನಿಯೆತ್ತಿಲ್ಲ ಎಂದು ಅವರು ಆರೋಪಿಸಿದರು.

ಗ್ಯಾರಂಟಿಗಳ ಜಾರಿಗೆ ನಂತರ ರಾಜ್ಯದ ಜನರ ಖರೀದಿ ಸಾಮರ್ಥ್ಯ ಹಾಗೂ ತಲಾ ಆದಾಯದಲ್ಲಿ ಗಮನಾರ್ಹ ಏರಿಕೆ ಕಂಡುಬಂದಿದೆ ಎಂದು ಅಧ್ಯಯನಗಳು ತೋರಿಸಿವೆ ಎಂದು ಸಿದ್ದರಾಮಯ್ಯ ಹೇಳಿದರು. ಈ ಆರ್ಥಿಕ ಸುಧಾರಣೆಗಳಿಂದ ಕರ್ನಾಟಕವು ದೇಶದ ಒಟ್ಟು ರಾಜ್ಯ ಆಂತರಿಕ ಉತ್ಪನ್ನ (ಜಿಎಸ್‌ಡಿಪಿ) ದಲ್ಲಿ ಅಗ್ರ ಸ್ಥಾನಕ್ಕೆ ಏರಿದೆ ಎಂದರು.

ಕೇಂದ್ರದ ಮೇಲೆ ನಿರೀಕ್ಷೆ ಇಲ್ಲ : ಸಿಎಂ ಬೆದ್ದಿ-ವರದಾ ನದಿ ಜೋಡಣೆ ಯೋಜನೆ ಕುರಿತು ಕೇಂದ್ರದಿಂದ ಯಾವುದೇ ನಿರೀಕ್ಷೆ ಇಲ್ಲ ಎಂದು ಮುಖ್ಯಮಂತ್ರಿ ಸಿದ್ದರಾಮಯ್ಯ ಹೇಳಿದರು. ಉತ್ತರ ಕನ್ನಡ ಜಿಲ್ಲೆಯ ಜನರು ವ್ಯಕ್ತಪಡಿಸಿರುವ ವಿರೋಧ ಕುರಿತು ಕೇಂದ್ರ ಸಚಿವರು ಗಮನ ಹರಿಸಬೇಕು ಎಂದರು.

ಕೇಂದ್ರ ಸರ್ಕಾರಕ್ಕೆ ಕಳುಹಿಸಲಾಗಿದೆ ಮತ್ತು ಅದರ ಬಗ್ಗೆ ಶೀಘ್ರವಾಗಿ ಕ್ರಮಕೈಗೊಳ್ಳುವ ಬಗ್ಗೆ ತೀರ್ಮಾನ ಕೈಗೊಳ್ಳಬೇಕು ಎಂದು ಹೇಳಿದರು. ಯಾವುದೇ ವಿಷಯದಲ್ಲಿಯೂ ಕೇಂದ್ರ ಸರ್ಕಾರ ನಿರ್ಧಾರ ಕೈಗೊಳ್ಳುತ್ತಿಲ್ಲ. ಆದ್ದರಿಂದ ಕೇಂದ್ರ ಸರ್ಕಾರ ನಿರ್ಧಾರ ಕೈಗೊಳ್ಳುತ್ತದೆ ಎಂಬ ಭರವಸೆ ಅಥವಾ ವಿಶ್ವಾಸ ನಮ್ಮಲ್ಲಿ ಇಲ್ಲ ಎಂದು ಮುಖ್ಯಮಂತ್ರಿ ಹೇಳಿದರು.

ಬಿಜೆಪಿ ಸುಳ್ಳು ಪ್ರಚಾರ ಮಾಡುತ್ತಿದೆ : ರಾಜ್ಯದ ಆರ್ಥಿಕ ಸ್ಥಿತಿ ಬಗ್ಗೆ ಬಿಜೆಪಿ ತಪ್ಪು ಪ್ರಚಾರ ಮಾಡುತ್ತಿದೆ ಎಂದು ಆರೋಪಿಸಿದ ಮುಖ್ಯಮಂತ್ರಿ, ಗ್ಯಾರಂಟಿಯನ್ನು ಜಾರಿಗೆ ತಂದ ನಂತರವೂ ಸರ್ಕಾರ 1.18 ಲಕ್ಷ ಕೋಟಿ ವೆಚ್ಚ ಮಾಡಿದೆ ಎಂದು ಹೇಳಿದರು.

ರಾಜ್ಯದ ಖಜಾನೆ ಖಾಲಿಯಾಗಿದ್ದರೆ, ಇಷ್ಟು ದೊಡ್ಡ ಮೊತ್ತವನ್ನು ಕಲ್ಯಾಣ ಕಾರ್ಯಕ್ರಮಗಳಿಗೆ ಖರ್ಚು ಮಾಡಲು ಸಾಧ್ಯವೇ ಎಂದು ಪ್ರಶ್ನಿಸಿದರು.

ನಮ್ಮ ಸರ್ಕಾರಕ್ಕೆ ಎರಡು ವರ್ಷ ಒಂಬತ್ತು ತಿಂಗಳು ಪೂರ್ಣಗೊಂಡಿದ್ದು, ನಾವು ನೀಡಿದ್ದ 590 ಭರವಸೆಗಳಲ್ಲಿ 243ನ್ನು ಈಗಾಗಲೇ ಈಡೇರಿಸಿದ್ದೇವೆ.
